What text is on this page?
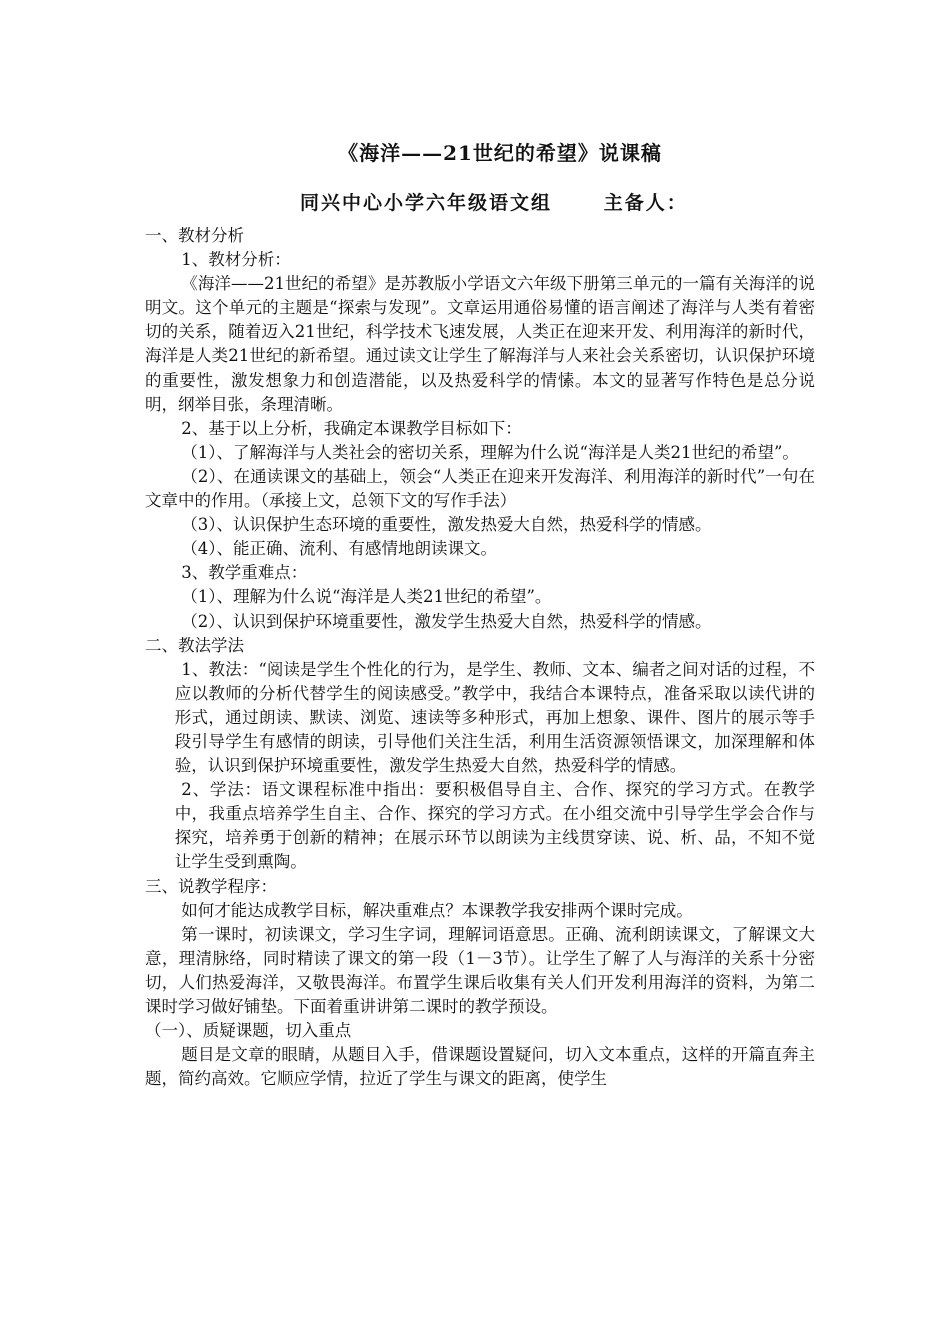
《海洋——21世纪的希望》说课稿
同兴中心小学六年级语文组      主备人：

一、教材分析

1、教材分析：

《海洋——21世纪的希望》是苏教版小学语文六年级下册第三单元的一篇有关海洋的说明文。这个单元的主题是“探索与发现”。文章运用通俗易懂的语言阐述了海洋与人类有着密切的关系，随着迈入21世纪，科学技术飞速发展，人类正在迎来开发、利用海洋的新时代，海洋是人类21世纪的新希望。通过读文让学生了解海洋与人来社会关系密切，认识保护环境的重要性，激发想象力和创造潜能，以及热爱科学的情愫。本文的显著写作特色是总分说明，纲举目张，条理清晰。

2、基于以上分析，我确定本课教学目标如下：

（1）、了解海洋与人类社会的密切关系，理解为什么说“海洋是人类21世纪的希望”。

（2）、在通读课文的基础上，领会“人类正在迎来开发海洋、利用海洋的新时代”一句在文章中的作用。（承接上文，总领下文的写作手法）

（3）、认识保护生态环境的重要性，激发热爱大自然，热爱科学的情感。

（4）、能正确、流利、有感情地朗读课文。

3、教学重难点：

（1）、理解为什么说“海洋是人类21世纪的希望”。

（2）、认识到保护环境重要性，激发学生热爱大自然，热爱科学的情感。

二、教法学法

1、教法：“阅读是学生个性化的行为，是学生、教师、文本、编者之间对话的过程，不应以教师的分析代替学生的阅读感受。”教学中，我结合本课特点，准备采取以读代讲的形式，通过朗读、默读、浏览、速读等多种形式，再加上想象、课件、图片的展示等手段引导学生有感情的朗读，引导他们关注生活，利用生活资源领悟课文，加深理解和体验，认识到保护环境重要性，激发学生热爱大自然，热爱科学的情感。

2、学法：语文课程标准中指出：要积极倡导自主、合作、探究的学习方式。在教学中，我重点培养学生自主、合作、探究的学习方式。在小组交流中引导学生学会合作与探究，培养勇于创新的精神；在展示环节以朗读为主线贯穿读、说、析、品，不知不觉让学生受到熏陶。

三、说教学程序：

如何才能达成教学目标，解决重难点？本课教学我安排两个课时完成。

第一课时，初读课文，学习生字词，理解词语意思。正确、流利朗读课文，了解课文大意，理清脉络，同时精读了课文的第一段（1－3节）。让学生了解了人与海洋的关系十分密切，人们热爱海洋，又敬畏海洋。布置学生课后收集有关人们开发利用海洋的资料，为第二课时学习做好铺垫。下面着重讲讲第二课时的教学预设。

（一）、质疑课题，切入重点

题目是文章的眼睛，从题目入手，借课题设置疑问，切入文本重点，这样的开篇直奔主题，简约高效。它顺应学情，拉近了学生与课文的距离，使学生
